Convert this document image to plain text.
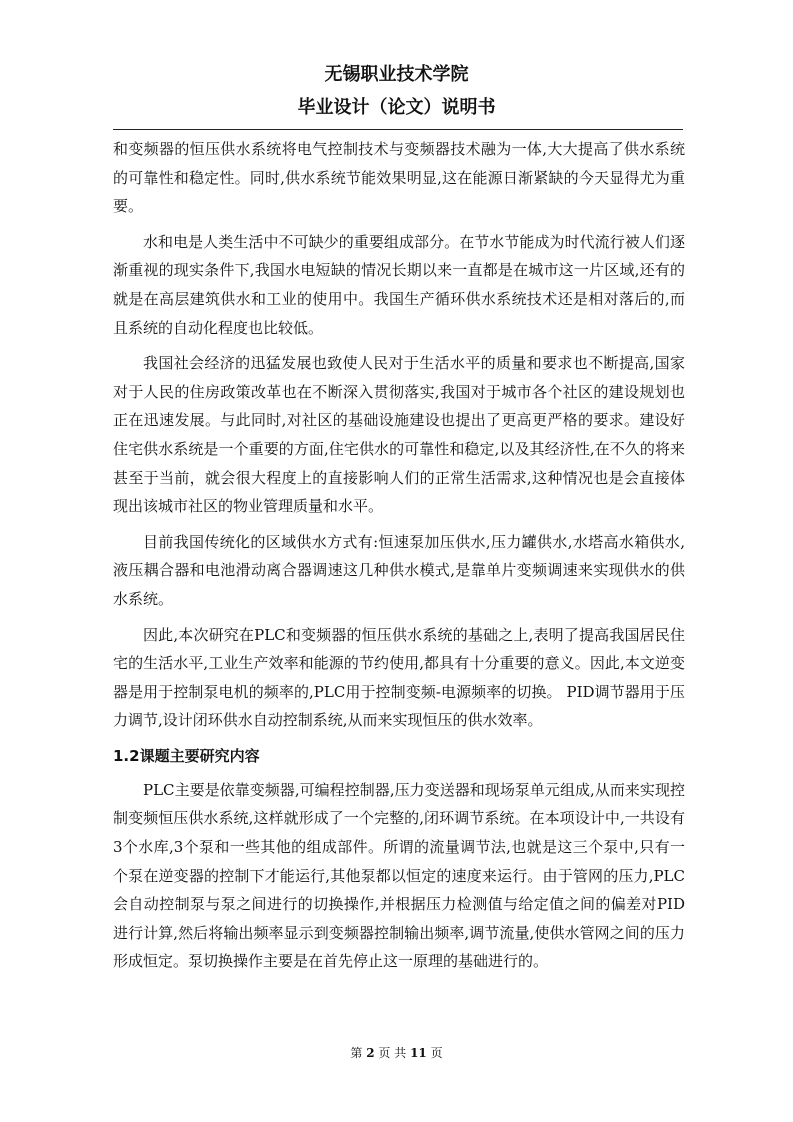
无锡职业技术学院
毕业设计（论文）说明书

和变频器的恒压供水系统将电气控制技术与变频器技术融为一体,大大提高了供水系统的可靠性和稳定性。同时,供水系统节能效果明显,这在能源日渐紧缺的今天显得尤为重要。

水和电是人类生活中不可缺少的重要组成部分。在节水节能成为时代流行被人们逐渐重视的现实条件下,我国水电短缺的情况长期以来一直都是在城市这一片区域,还有的就是在高层建筑供水和工业的使用中。我国生产循环供水系统技术还是相对落后的,而且系统的自动化程度也比较低。

我国社会经济的迅猛发展也致使人民对于生活水平的质量和要求也不断提高,国家对于人民的住房政策改革也在不断深入贯彻落实,我国对于城市各个社区的建设规划也正在迅速发展。与此同时,对社区的基础设施建设也提出了更高更严格的要求。建设好住宅供水系统是一个重要的方面,住宅供水的可靠性和稳定,以及其经济性,在不久的将来甚至于当前，就会很大程度上的直接影响人们的正常生活需求,这种情况也是会直接体现出该城市社区的物业管理质量和水平。

目前我国传统化的区域供水方式有:恒速泵加压供水,压力罐供水,水塔高水箱供水,液压耦合器和电池滑动离合器调速这几种供水模式,是靠单片变频调速来实现供水的供水系统。

因此,本次研究在PLC和变频器的恒压供水系统的基础之上,表明了提高我国居民住宅的生活水平,工业生产效率和能源的节约使用,都具有十分重要的意义。因此,本文逆变器是用于控制泵电机的频率的,PLC用于控制变频-电源频率的切换。 PID调节器用于压力调节,设计闭环供水自动控制系统,从而来实现恒压的供水效率。

1.2课题主要研究内容

PLC主要是依靠变频器,可编程控制器,压力变送器和现场泵单元组成,从而来实现控制变频恒压供水系统,这样就形成了一个完整的,闭环调节系统。在本项设计中,一共设有3个水库,3个泵和一些其他的组成部件。所谓的流量调节法,也就是这三个泵中,只有一个泵在逆变器的控制下才能运行,其他泵都以恒定的速度来运行。由于管网的压力,PLC会自动控制泵与泵之间进行的切换操作,并根据压力检测值与给定值之间的偏差对PID进行计算,然后将输出频率显示到变频器控制输出频率,调节流量,使供水管网之间的压力形成恒定。泵切换操作主要是在首先停止这一原理的基础进行的。

第 2 页 共 11 页
